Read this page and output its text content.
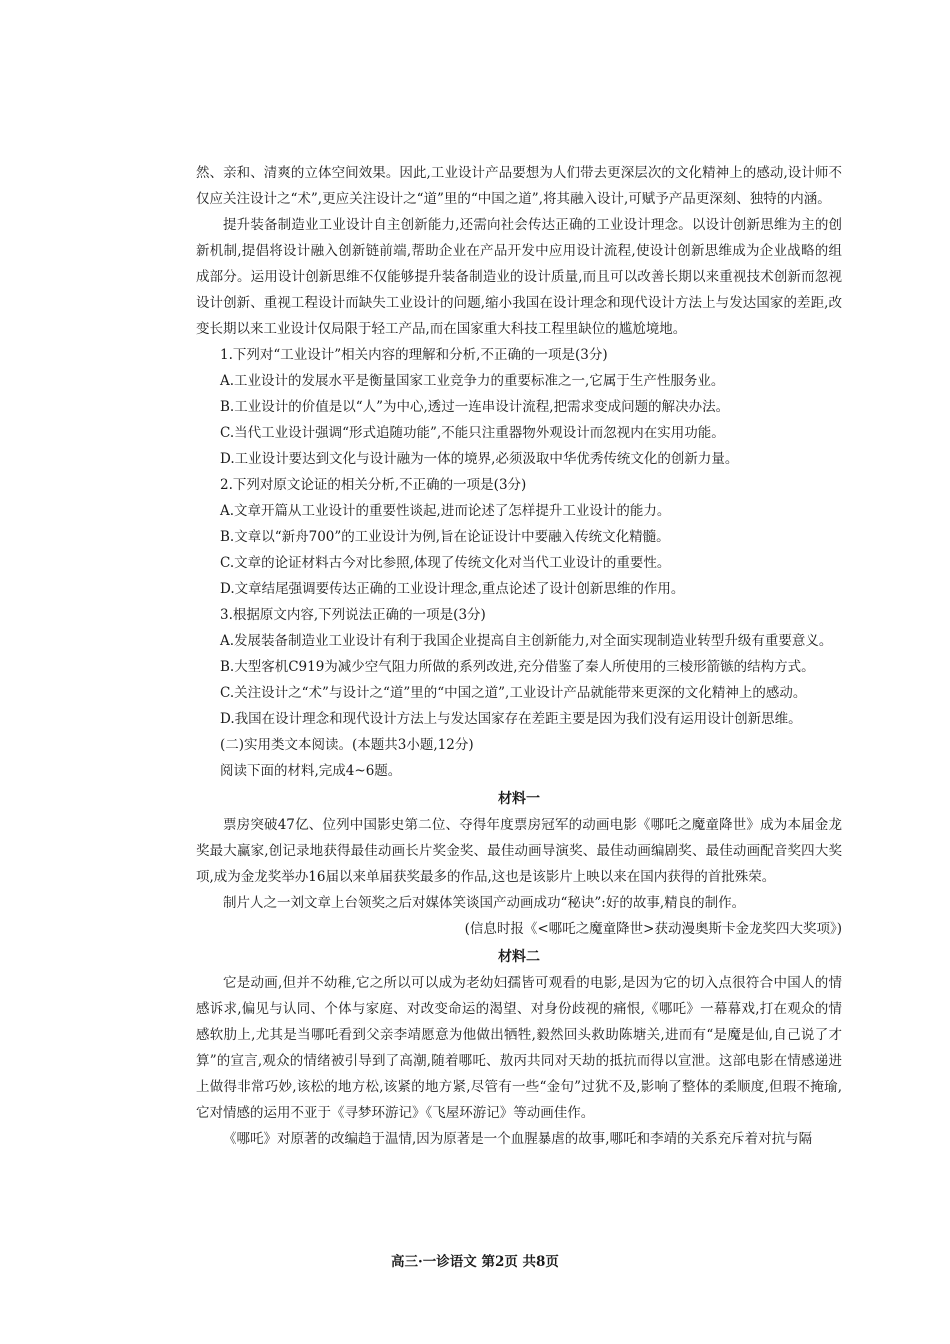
然、亲和、清爽的立体空间效果。因此,工业设计产品要想为人们带去更深层次的文化精神上的感动,设计师不仅应关注设计之“术”,更应关注设计之“道”里的“中国之道”,将其融入设计,可赋予产品更深刻、独特的内涵。

提升装备制造业工业设计自主创新能力,还需向社会传达正确的工业设计理念。以设计创新思维为主的创新机制,提倡将设计融入创新链前端,帮助企业在产品开发中应用设计流程,使设计创新思维成为企业战略的组成部分。运用设计创新思维不仅能够提升装备制造业的设计质量,而且可以改善长期以来重视技术创新而忽视设计创新、重视工程设计而缺失工业设计的问题,缩小我国在设计理念和现代设计方法上与发达国家的差距,改变长期以来工业设计仅局限于轻工产品,而在国家重大科技工程里缺位的尴尬境地。

1.下列对“工业设计”相关内容的理解和分析,不正确的一项是(3分)

A.工业设计的发展水平是衡量国家工业竞争力的重要标准之一,它属于生产性服务业。

B.工业设计的价值是以“人”为中心,透过一连串设计流程,把需求变成问题的解决办法。

C.当代工业设计强调“形式追随功能”,不能只注重器物外观设计而忽视内在实用功能。

D.工业设计要达到文化与设计融为一体的境界,必须汲取中华优秀传统文化的创新力量。

2.下列对原文论证的相关分析,不正确的一项是(3分)

A.文章开篇从工业设计的重要性谈起,进而论述了怎样提升工业设计的能力。

B.文章以“新舟700”的工业设计为例,旨在论证设计中要融入传统文化精髓。

C.文章的论证材料古今对比参照,体现了传统文化对当代工业设计的重要性。

D.文章结尾强调要传达正确的工业设计理念,重点论述了设计创新思维的作用。

3.根据原文内容,下列说法正确的一项是(3分)

A.发展装备制造业工业设计有利于我国企业提高自主创新能力,对全面实现制造业转型升级有重要意义。

B.大型客机C919为减少空气阻力所做的系列改进,充分借鉴了秦人所使用的三棱形箭镞的结构方式。

C.关注设计之“术”与设计之“道”里的“中国之道”,工业设计产品就能带来更深的文化精神上的感动。

D.我国在设计理念和现代设计方法上与发达国家存在差距主要是因为我们没有运用设计创新思维。

(二)实用类文本阅读。(本题共3小题,12分)

阅读下面的材料,完成4~6题。

材料一

票房突破47亿、位列中国影史第二位、夺得年度票房冠军的动画电影《哪吒之魔童降世》成为本届金龙奖最大赢家,创记录地获得最佳动画长片奖金奖、最佳动画导演奖、最佳动画编剧奖、最佳动画配音奖四大奖项,成为金龙奖举办16届以来单届获奖最多的作品,这也是该影片上映以来在国内获得的首批殊荣。

制片人之一刘文章上台领奖之后对媒体笑谈国产动画成功“秘诀”:好的故事,精良的制作。

(信息时报《<哪吒之魔童降世>获动漫奥斯卡金龙奖四大奖项》)

材料二

它是动画,但并不幼稚,它之所以可以成为老幼妇孺皆可观看的电影,是因为它的切入点很符合中国人的情感诉求,偏见与认同、个体与家庭、对改变命运的渴望、对身份歧视的痛恨,《哪吒》一幕幕戏,打在观众的情感软肋上,尤其是当哪吒看到父亲李靖愿意为他做出牺牲,毅然回头救助陈塘关,进而有“是魔是仙,自己说了才算”的宣言,观众的情绪被引导到了高潮,随着哪吒、敖丙共同对天劫的抵抗而得以宣泄。这部电影在情感递进上做得非常巧妙,该松的地方松,该紧的地方紧,尽管有一些“金句”过犹不及,影响了整体的柔顺度,但瑕不掩瑜,它对情感的运用不亚于《寻梦环游记》《飞屋环游记》等动画佳作。

《哪吒》对原著的改编趋于温情,因为原著是一个血腥暴虐的故事,哪吒和李靖的关系充斥着对抗与隔

高三·一诊语文 第2页 共8页
